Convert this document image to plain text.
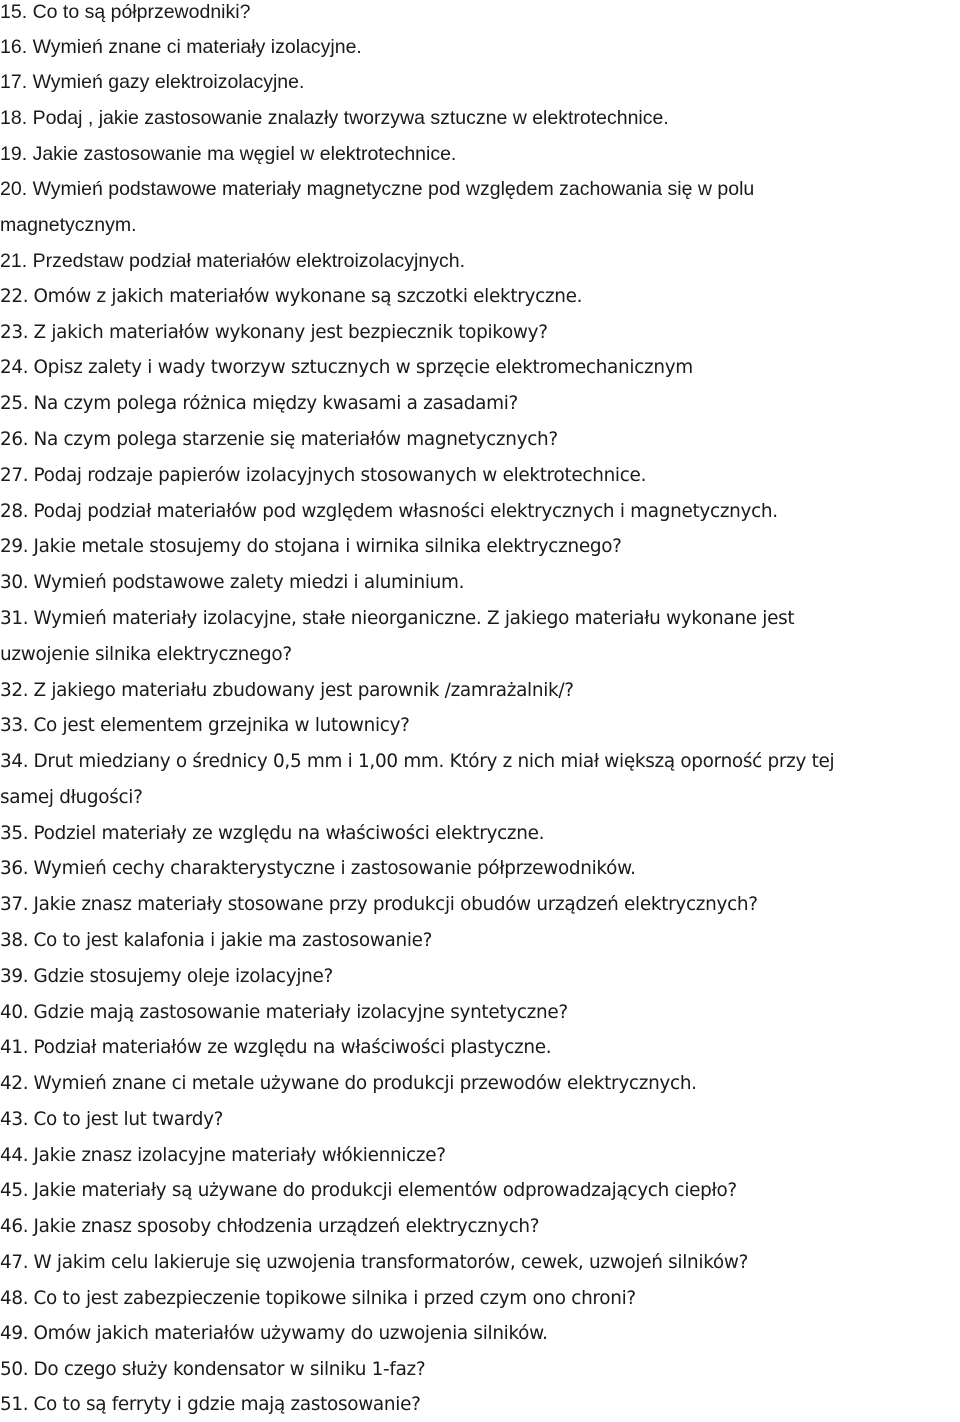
15. Co to są półprzewodniki?
16. Wymień znane ci materiały izolacyjne.
17. Wymień gazy elektroizolacyjne.
18. Podaj , jakie zastosowanie znalazły tworzywa sztuczne w elektrotechnice.
19. Jakie zastosowanie ma węgiel w elektrotechnice.
20. Wymień podstawowe materiały magnetyczne pod względem zachowania się w polu
magnetycznym.
21. Przedstaw podział materiałów elektroizolacyjnych.
22. Omów z jakich materiałów wykonane są szczotki elektryczne.
23. Z jakich materiałów wykonany jest bezpiecznik topikowy?
24. Opisz zalety i wady tworzyw sztucznych w sprzęcie elektromechanicznym
25. Na czym polega różnica między kwasami a zasadami?
26. Na czym polega starzenie się materiałów magnetycznych?
27. Podaj rodzaje papierów izolacyjnych stosowanych w elektrotechnice.
28. Podaj podział materiałów pod względem własności elektrycznych i magnetycznych.
29. Jakie metale stosujemy do stojana i wirnika silnika elektrycznego?
30. Wymień podstawowe zalety miedzi i aluminium.
31. Wymień materiały izolacyjne, stałe nieorganiczne. Z jakiego materiału wykonane jest
uzwojenie silnika elektrycznego?
32. Z jakiego materiału zbudowany jest parownik /zamrażalnik/?
33. Co jest elementem grzejnika w lutownicy?
34. Drut miedziany o średnicy 0,5 mm i 1,00 mm. Który z nich miał większą oporność przy tej
samej długości?
35. Podziel materiały ze względu na właściwości elektryczne.
36. Wymień cechy charakterystyczne i zastosowanie półprzewodników.
37. Jakie znasz materiały stosowane przy produkcji obudów urządzeń elektrycznych?
38. Co to jest kalafonia i jakie ma zastosowanie?
39. Gdzie stosujemy oleje izolacyjne?
40. Gdzie mają zastosowanie materiały izolacyjne syntetyczne?
41. Podział materiałów ze względu na właściwości plastyczne.
42. Wymień znane ci metale używane do produkcji przewodów elektrycznych.
43. Co to jest lut twardy?
44. Jakie znasz izolacyjne materiały włókiennicze?
45. Jakie materiały są używane do produkcji elementów odprowadzających ciepło?
46. Jakie znasz sposoby chłodzenia urządzeń elektrycznych?
47. W jakim celu lakieruje się uzwojenia transformatorów, cewek, uzwojeń silników?
48. Co to jest zabezpieczenie topikowe silnika i przed czym ono chroni?
49. Omów jakich materiałów używamy do uzwojenia silników.
50. Do czego służy kondensator w silniku 1-faz?
51. Co to są ferryty i gdzie mają zastosowanie?
